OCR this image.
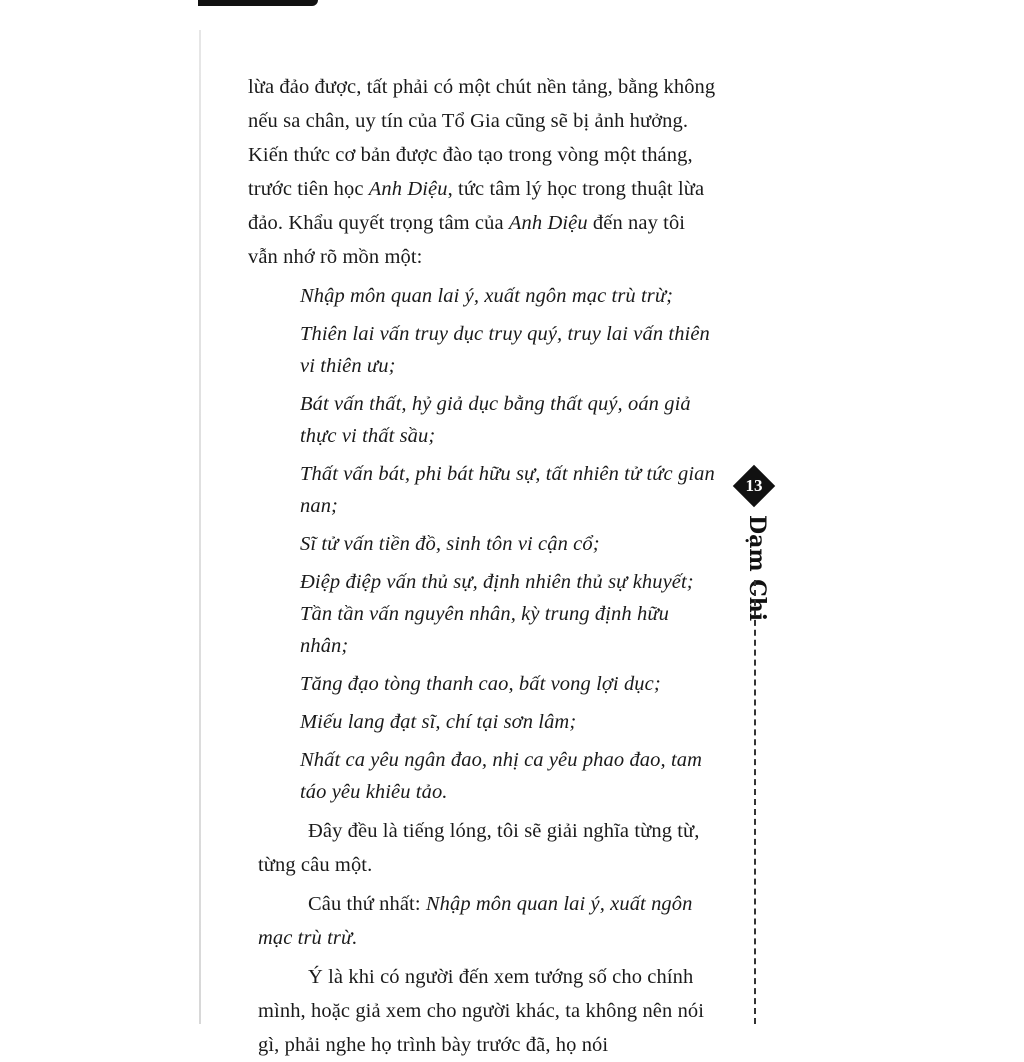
lừa đảo được, tất phải có một chút nền tảng, bằng không nếu sa chân, uy tín của Tổ Gia cũng sẽ bị ảnh hưởng. Kiến thức cơ bản được đào tạo trong vòng một tháng, trước tiên học Anh Diệu, tức tâm lý học trong thuật lừa đảo. Khẩu quyết trọng tâm của Anh Diệu đến nay tôi vẫn nhớ rõ mồn một:

Nhập môn quan lai ý, xuất ngôn mạc trù trừ;

Thiên lai vấn truy dục truy quý, truy lai vấn thiên vi thiên ưu;

Bát vấn thất, hỷ giả dục bằng thất quý, oán giả thực vi thất sầu;

Thất vấn bát, phi bát hữu sự, tất nhiên tử tức gian nan;

Sĩ tử vấn tiền đồ, sinh tôn vi cận cổ;

Điệp điệp vấn thủ sự, định nhiên thủ sự khuyết; Tần tần vấn nguyên nhân, kỳ trung định hữu nhân;

Tăng đạo tòng thanh cao, bất vong lợi dục;

Miếu lang đạt sĩ, chí tại sơn lâm;

Nhất ca yêu ngân đao, nhị ca yêu phao đao, tam táo yêu khiêu tảo.

Đây đều là tiếng lóng, tôi sẽ giải nghĩa từng từ, từng câu một.

Câu thứ nhất: Nhập môn quan lai ý, xuất ngôn mạc trù trừ.

Ý là khi có người đến xem tướng số cho chính mình, hoặc giả xem cho người khác, ta không nên nói gì, phải nghe họ trình bày trước đã, họ nói

13
Dạm Chi
